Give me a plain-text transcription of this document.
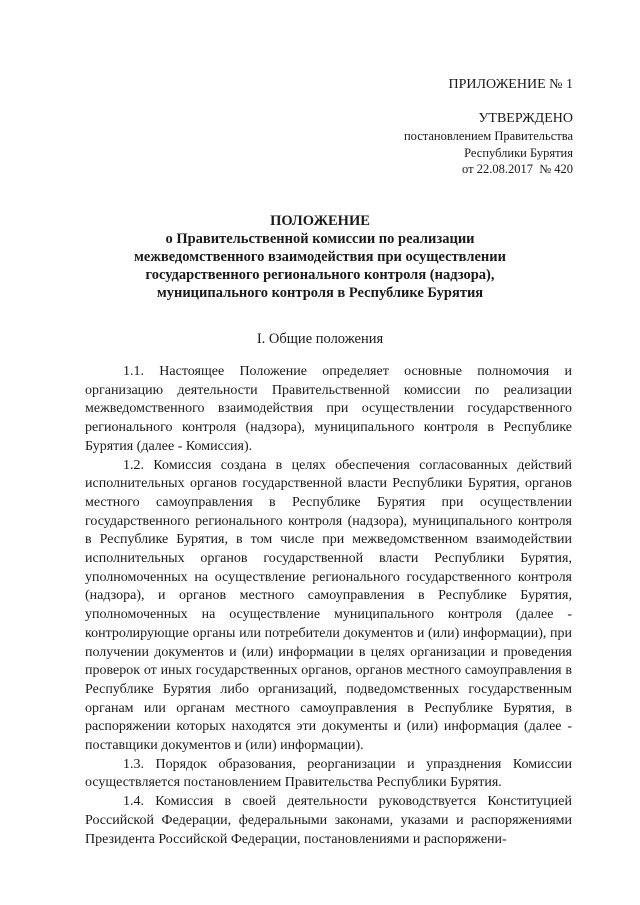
ПРИЛОЖЕНИЕ № 1
УТВЕРЖДЕНО
постановлением Правительства
Республики Бурятия
от 22.08.2017  № 420
ПОЛОЖЕНИЕ
о Правительственной комиссии по реализации
межведомственного взаимодействия при осуществлении
государственного регионального контроля (надзора),
муниципального контроля в Республике Бурятия
I. Общие положения

1.1. Настоящее Положение определяет основные полномочия и организацию деятельности Правительственной комиссии по реализации межведомственного взаимодействия при осуществлении государственного регионального контроля (надзора), муниципального контроля в Республике Бурятия (далее - Комиссия).

1.2. Комиссия создана в целях обеспечения согласованных действий исполнительных органов государственной власти Республики Бурятия, органов местного самоуправления в Республике Бурятия при осуществлении государственного регионального контроля (надзора), муниципального контроля в Республике Бурятия, в том числе при межведомственном взаимодействии исполнительных органов государственной власти Республики Бурятия, уполномоченных на осуществление регионального государственного контроля (надзора), и органов местного самоуправления в Республике Бурятия, уполномоченных на осуществление муниципального контроля (далее - контролирующие органы или потребители документов и (или) информации), при получении документов и (или) информации в целях организации и проведения проверок от иных государственных органов, органов местного самоуправления в Республике Бурятия либо организаций, подведомственных государственным органам или органам местного самоуправления в Республике Бурятия, в распоряжении которых находятся эти документы и (или) информация (далее - поставщики документов и (или) информации).

1.3. Порядок образования, реорганизации и упразднения Комиссии осуществляется постановлением Правительства Республики Бурятия.

1.4. Комиссия в своей деятельности руководствуется Конституцией Российской Федерации, федеральными законами, указами и распоряжениями Президента Российской Федерации, постановлениями и распоряжени-
